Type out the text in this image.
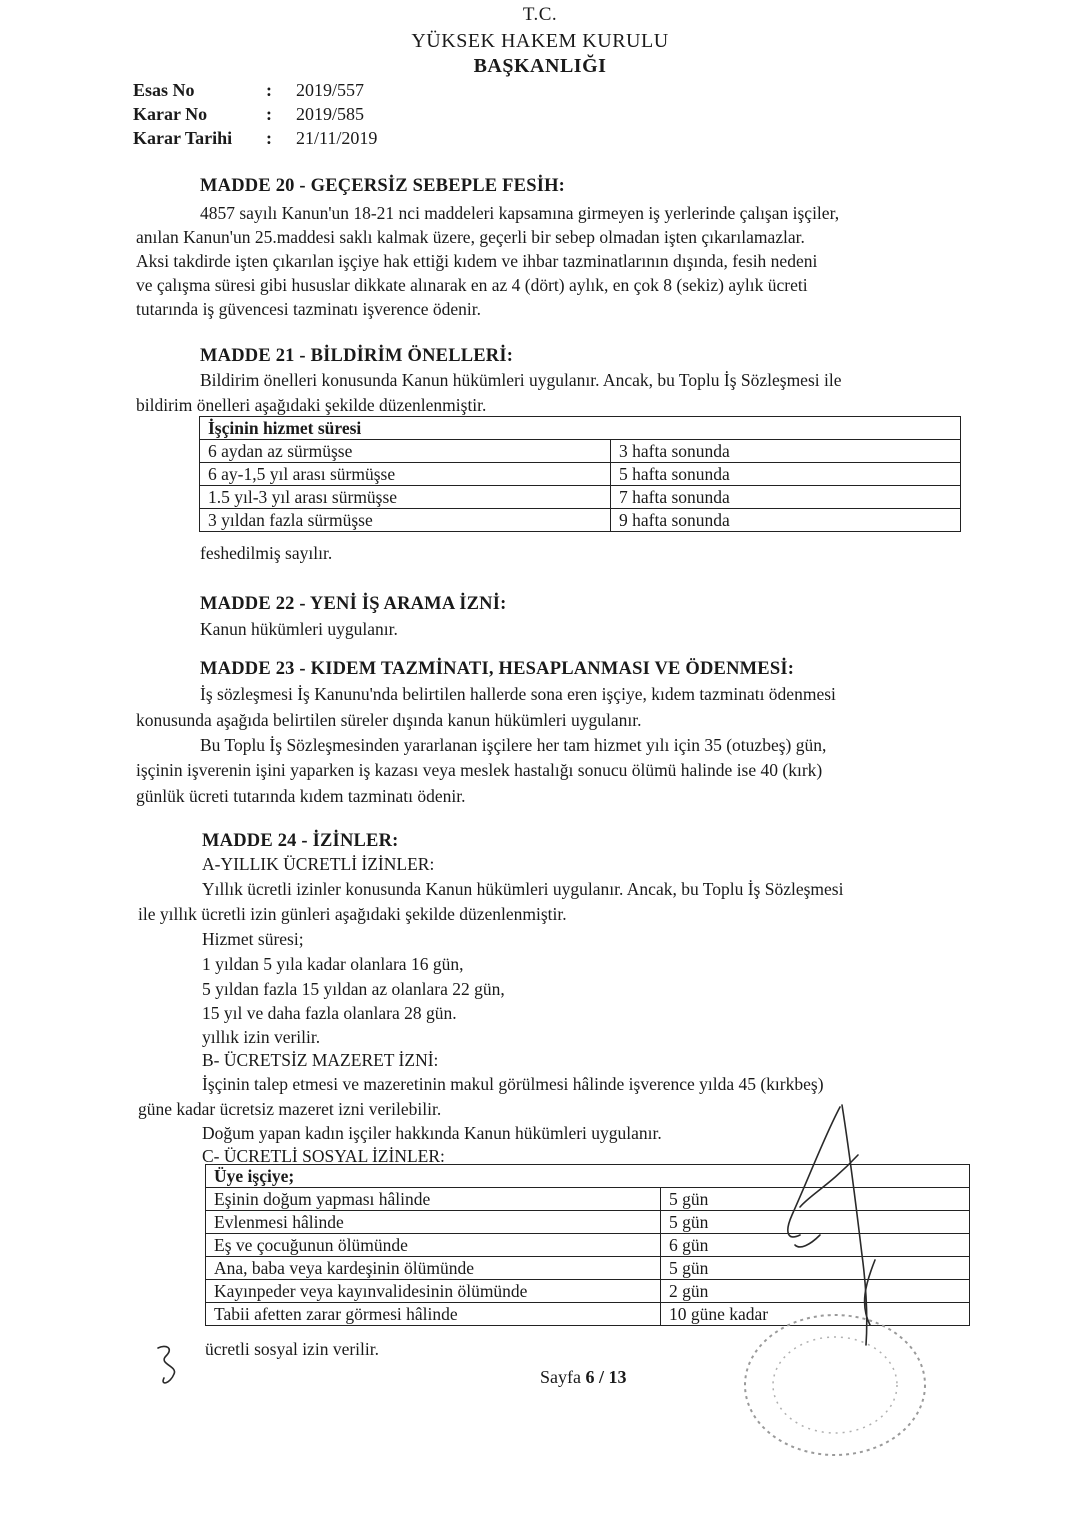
T.C.
YÜKSEK HAKEM KURULU
BAŞKANLIĞI
Esas No	: 2019/557
Karar No	: 2019/585
Karar Tarihi : 21/11/2019
MADDE 20 - GEÇERSİZ SEBEPLE FESİH:
4857 sayılı Kanun'un 18-21 nci maddeleri kapsamına girmeyen iş yerlerinde çalışan işçiler,
anılan Kanun'un 25.maddesi saklı kalmak üzere, geçerli bir sebep olmadan işten çıkarılamazlar.
Aksi takdirde işten çıkarılan işçiye hak ettiği kıdem ve ihbar tazminatlarının dışında, fesih nedeni
ve çalışma süresi gibi hususlar dikkate alınarak en az 4 (dört) aylık, en çok 8 (sekiz) aylık ücreti
tutarında iş güvencesi tazminatı işverence ödenir.
MADDE 21 - BİLDİRİM ÖNELLERİ:
Bildirim önelleri konusunda Kanun hükümleri uygulanır. Ancak, bu Toplu İş Sözleşmesi ile
bildirim önelleri aşağıdaki şekilde düzenlenmiştir.
İşçinin hizmet süresi	
6 aydan az sürmüşse	3 hafta sonunda
6 ay-1,5 yıl arası sürmüşse	5 hafta sonunda
1.5 yıl-3 yıl arası sürmüşse	7 hafta sonunda
3 yıldan fazla sürmüşse	9 hafta sonunda
feshedilmiş sayılır.
MADDE 22 - YENİ İŞ ARAMA İZNİ:
Kanun hükümleri uygulanır.
MADDE 23 - KIDEM TAZMİNATI, HESAPLANMASI VE ÖDENMESİ:
İş sözleşmesi İş Kanunu'nda belirtilen hallerde sona eren işçiye, kıdem tazminatı ödenmesi
konusunda aşağıda belirtilen süreler dışında kanun hükümleri uygulanır.
Bu Toplu İş Sözleşmesinden yararlanan işçilere her tam hizmet yılı için 35 (otuzbeş) gün,
işçinin işverenin işini yaparken iş kazası veya meslek hastalığı sonucu ölümü halinde ise 40 (kırk)
günlük ücreti tutarında kıdem tazminatı ödenir.
MADDE 24 - İZİNLER:
A-YILLIK ÜCRETLİ İZİNLER:
Yıllık ücretli izinler konusunda Kanun hükümleri uygulanır. Ancak, bu Toplu İş Sözleşmesi
ile yıllık ücretli izin günleri aşağıdaki şekilde düzenlenmiştir.
Hizmet süresi;
1 yıldan 5 yıla kadar olanlara 16 gün,
5 yıldan fazla 15 yıldan az olanlara 22 gün,
15 yıl ve daha fazla olanlara 28 gün.
yıllık izin verilir.
B- ÜCRETSİZ MAZERET İZNİ:
İşçinin talep etmesi ve mazeretinin makul görülmesi hâlinde işverence yılda 45 (kırkbeş)
güne kadar ücretsiz mazeret izni verilebilir.
Doğum yapan kadın işçiler hakkında Kanun hükümleri uygulanır.
C- ÜCRETLİ SOSYAL İZİNLER:
Üye işçiye;	
Eşinin doğum yapması hâlinde	5 gün
Evlenmesi hâlinde	5 gün
Eş ve çocuğunun ölümünde	6 gün
Ana, baba veya kardeşinin ölümünde	5 gün
Kayınpeder veya kayınvalidesinin ölümünde	2 gün
Tabii afetten zarar görmesi hâlinde	10 güne kadar
ücretli sosyal izin verilir.
Sayfa 6 / 13
